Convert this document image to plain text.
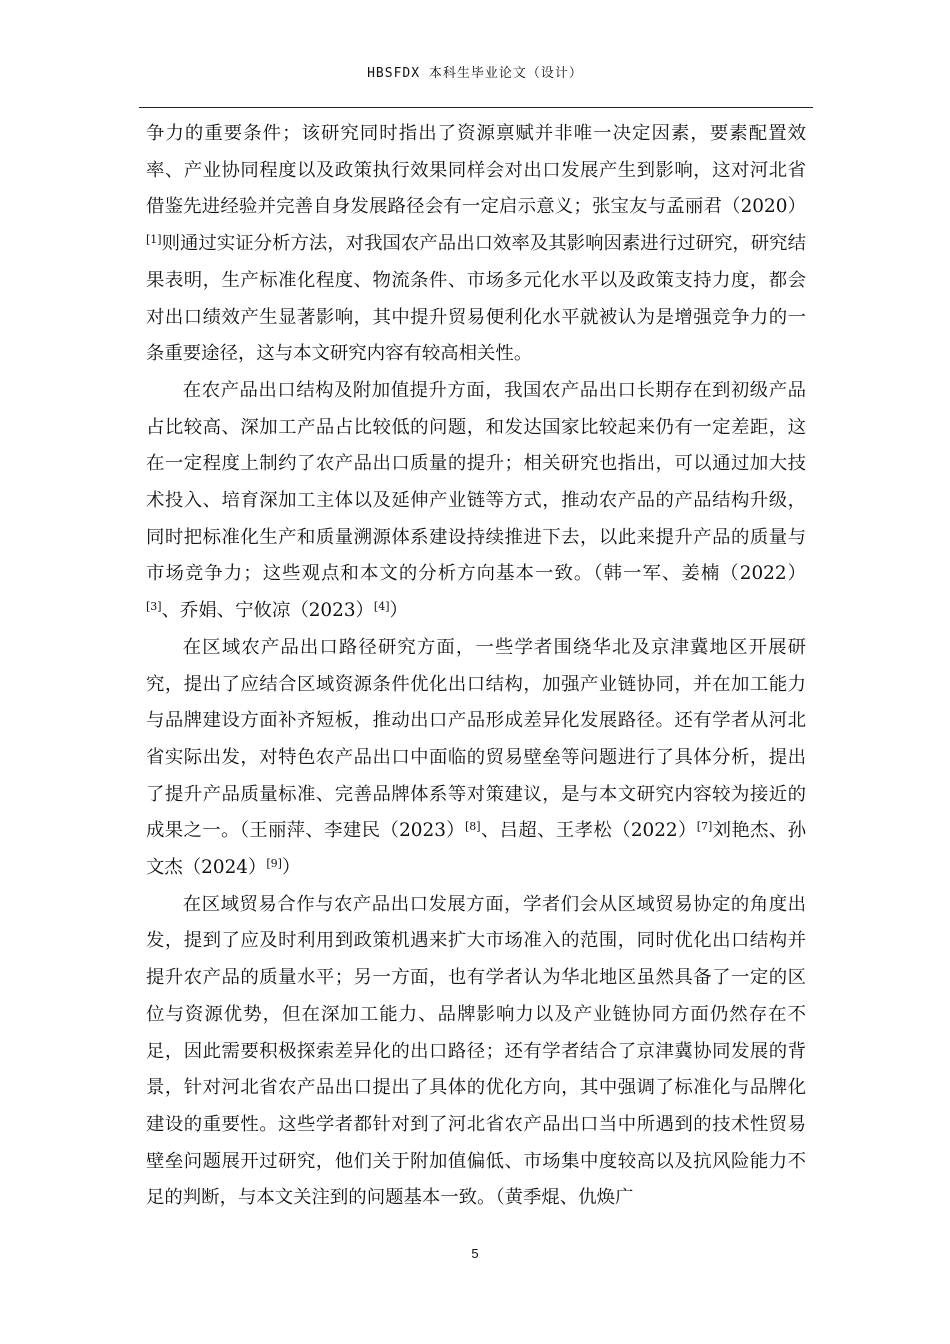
HBSFDX 本科生毕业论文（设计）

争力的重要条件；该研究同时指出了资源禀赋并非唯一决定因素，要素配置效率、产业协同程度以及政策执行效果同样会对出口发展产生到影响，这对河北省借鉴先进经验并完善自身发展路径会有一定启示意义；张宝友与孟丽君（2020）[1]则通过实证分析方法，对我国农产品出口效率及其影响因素进行过研究，研究结果表明，生产标准化程度、物流条件、市场多元化水平以及政策支持力度，都会对出口绩效产生显著影响，其中提升贸易便利化水平就被认为是增强竞争力的一条重要途径，这与本文研究内容有较高相关性。

在农产品出口结构及附加值提升方面，我国农产品出口长期存在到初级产品占比较高、深加工产品占比较低的问题，和发达国家比较起来仍有一定差距，这在一定程度上制约了农产品出口质量的提升；相关研究也指出，可以通过加大技术投入、培育深加工主体以及延伸产业链等方式，推动农产品的产品结构升级，同时把标准化生产和质量溯源体系建设持续推进下去，以此来提升产品的质量与市场竞争力；这些观点和本文的分析方向基本一致。（韩一军、姜楠（2022）[3]、乔娟、宁攸凉（2023）[4]）

在区域农产品出口路径研究方面，一些学者围绕华北及京津冀地区开展研究，提出了应结合区域资源条件优化出口结构，加强产业链协同，并在加工能力与品牌建设方面补齐短板，推动出口产品形成差异化发展路径。还有学者从河北省实际出发，对特色农产品出口中面临的贸易壁垒等问题进行了具体分析，提出了提升产品质量标准、完善品牌体系等对策建议，是与本文研究内容较为接近的成果之一。（王丽萍、李建民（2023）[8]、吕超、王孝松（2022）[7]刘艳杰、孙文杰（2024）[9]）

在区域贸易合作与农产品出口发展方面，学者们会从区域贸易协定的角度出发，提到了应及时利用到政策机遇来扩大市场准入的范围，同时优化出口结构并提升农产品的质量水平；另一方面，也有学者认为华北地区虽然具备了一定的区位与资源优势，但在深加工能力、品牌影响力以及产业链协同方面仍然存在不足，因此需要积极探索差异化的出口路径；还有学者结合了京津冀协同发展的背景，针对河北省农产品出口提出了具体的优化方向，其中强调了标准化与品牌化建设的重要性。这些学者都针对到了河北省农产品出口当中所遇到的技术性贸易壁垒问题展开过研究，他们关于附加值偏低、市场集中度较高以及抗风险能力不足的判断，与本文关注到的问题基本一致。（黄季焜、仇焕广

5
